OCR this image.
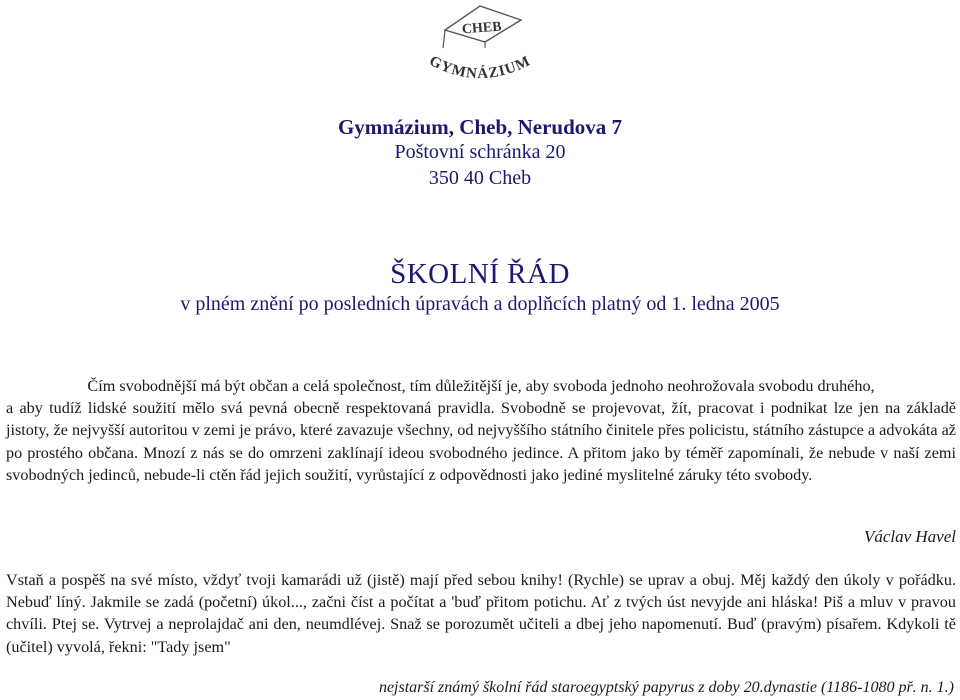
CHEB
GYMNÁZIUM
Gymnázium, Cheb, Nerudova 7
Poštovní schránka 20
350 40 Cheb
ŠKOLNÍ ŘÁD
v plném znění po posledních úpravách a doplňcích platný od 1. ledna 2005
Čím svobodnější má být občan a celá společnost, tím důležitější je, aby svoboda jednoho neohrožovala svobodu druhého,
a aby tudíž lidské soužití mělo svá pevná obecně respektovaná pravidla. Svobodně se projevovat, žít, pracovat i podnikat lze jen na základě jistoty, že nejvyšší autoritou v zemi je právo, které zavazuje všechny, od nejvyššího státního činitele přes policistu, státního zástupce a advokáta až po prostého občana. Mnozí z nás se do omrzeni zaklínají ideou svobodného jedince. A přitom jako by téměř zapomínali, že nebude v naší zemi svobodných jedinců, nebude-li ctěn řád jejich soužití, vyrůstající z odpovědnosti jako jediné myslitelné záruky této svobody.
Václav Havel
Vstaň a pospěš na své místo, vždyť tvoji kamarádi už (jistě) mají před sebou knihy! (Rychle) se uprav a obuj. Měj každý den úkoly v pořádku. Nebuď líný. Jakmile se zadá (početní) úkol..., začni číst a počítat a 'buď přitom potichu. Ať z tvých úst nevyjde ani hláska! Piš a mluv v pravou chvíli. Ptej se. Vytrvej a neprolajdač ani den, neumdlévej. Snaž se porozumět učiteli a dbej jeho napomenutí. Buď (pravým) písařem. Kdykoli tě (učitel) vyvolá, řekni: "Tady jsem"
nejstarší známý školní řád staroegyptský papyrus z doby 20.dynastie (1186-1080 př. n. 1.)
